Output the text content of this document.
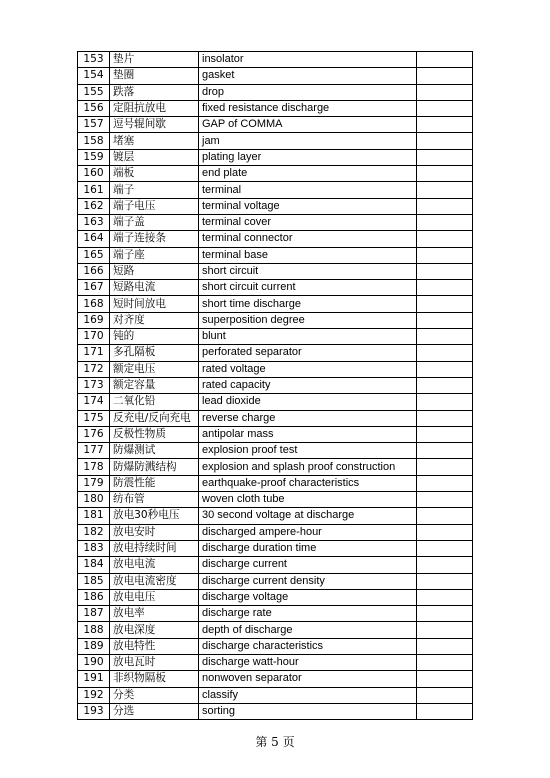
153	垫片	insolator	
154	垫圈	gasket	
155	跌落	drop	
156	定阻抗放电	fixed resistance discharge	
157	逗号辊间歇	GAP of COMMA	
158	堵塞	jam	
159	镀层	plating layer	
160	端板	end plate	
161	端子	terminal	
162	端子电压	terminal voltage	
163	端子盖	terminal cover	
164	端子连接条	terminal connector	
165	端子座	terminal base	
166	短路	short circuit	
167	短路电流	short circuit current	
168	短时间放电	short time discharge	
169	对齐度	superposition degree	
170	钝的	blunt	
171	多孔隔板	perforated separator	
172	额定电压	rated voltage	
173	额定容量	rated capacity	
174	二氧化铅	lead dioxide	
175	反充电/反向充电	reverse charge	
176	反极性物质	antipolar mass	
177	防爆测试	explosion proof test	
178	防爆防溅结构	explosion and splash proof construction	
179	防震性能	earthquake-proof characteristics	
180	纺布管	woven cloth tube	
181	放电30秒电压	30 second voltage at discharge	
182	放电安时	discharged ampere-hour	
183	放电持续时间	discharge duration time	
184	放电电流	discharge current	
185	放电电流密度	discharge current density	
186	放电电压	discharge voltage	
187	放电率	discharge rate	
188	放电深度	depth of discharge	
189	放电特性	discharge characteristics	
190	放电瓦时	discharge watt-hour	
191	非织物隔板	nonwoven separator	
192	分类	classify	
193	分选	sorting	
第 5 页
